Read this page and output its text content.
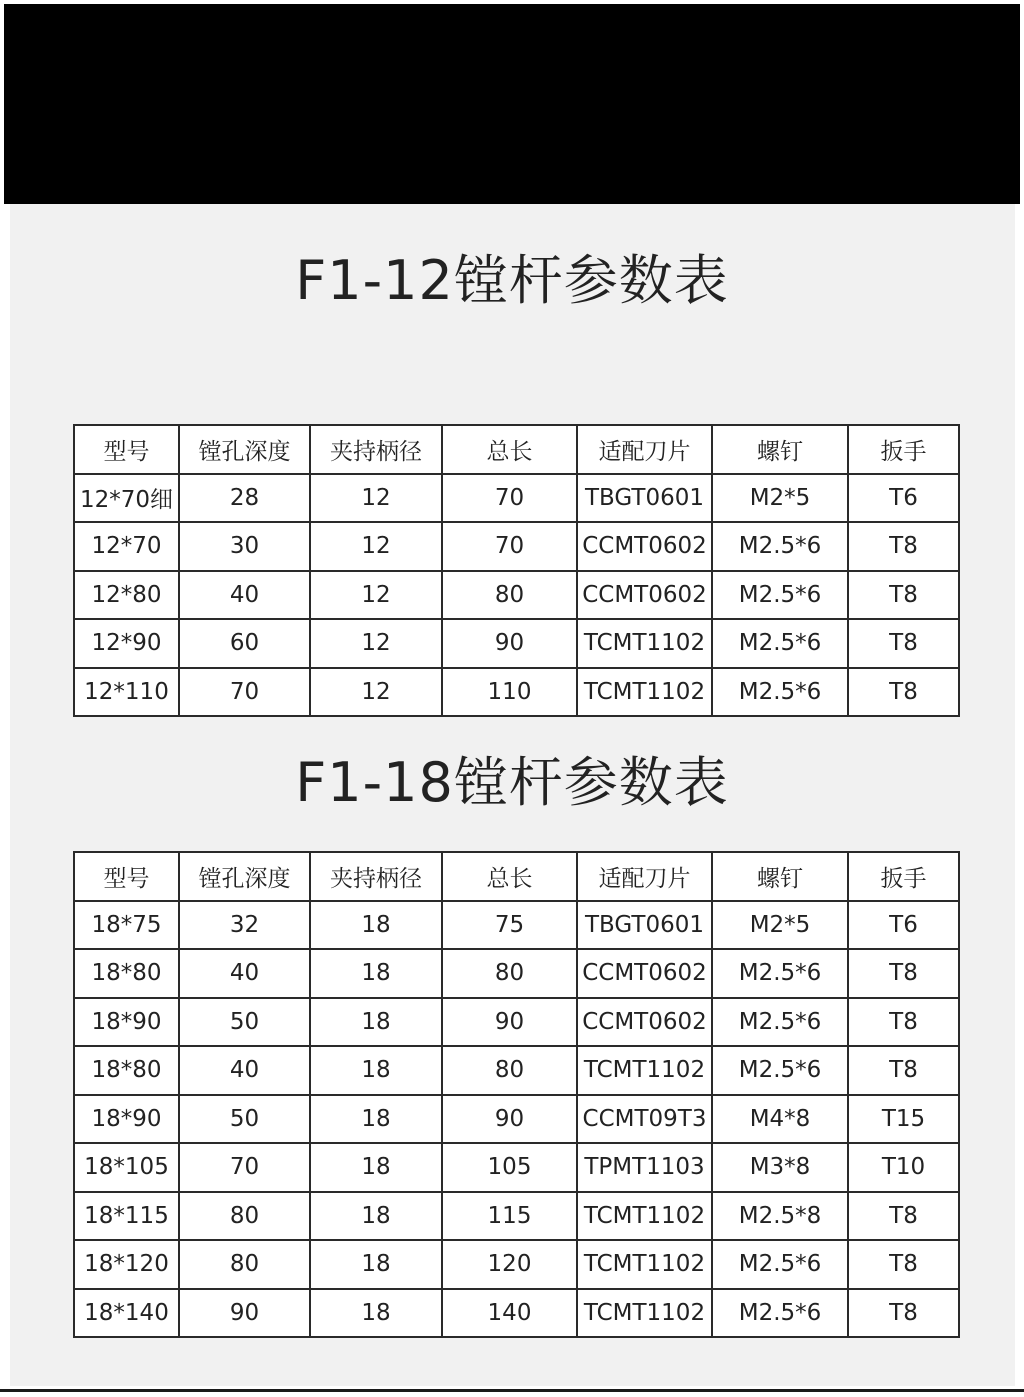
F1-12镗杆参数表
型号	镗孔深度	夹持柄径	总长	适配刀片	螺钉	扳手
12*70细	28	12	70	TBGT0601	M2*5	T6
12*70	30	12	70	CCMT0602	M2.5*6	T8
12*80	40	12	80	CCMT0602	M2.5*6	T8
12*90	60	12	90	TCMT1102	M2.5*6	T8
12*110	70	12	110	TCMT1102	M2.5*6	T8
F1-18镗杆参数表
型号	镗孔深度	夹持柄径	总长	适配刀片	螺钉	扳手
18*75	32	18	75	TBGT0601	M2*5	T6
18*80	40	18	80	CCMT0602	M2.5*6	T8
18*90	50	18	90	CCMT0602	M2.5*6	T8
18*80	40	18	80	TCMT1102	M2.5*6	T8
18*90	50	18	90	CCMT09T3	M4*8	T15
18*105	70	18	105	TPMT1103	M3*8	T10
18*115	80	18	115	TCMT1102	M2.5*8	T8
18*120	80	18	120	TCMT1102	M2.5*6	T8
18*140	90	18	140	TCMT1102	M2.5*6	T8
